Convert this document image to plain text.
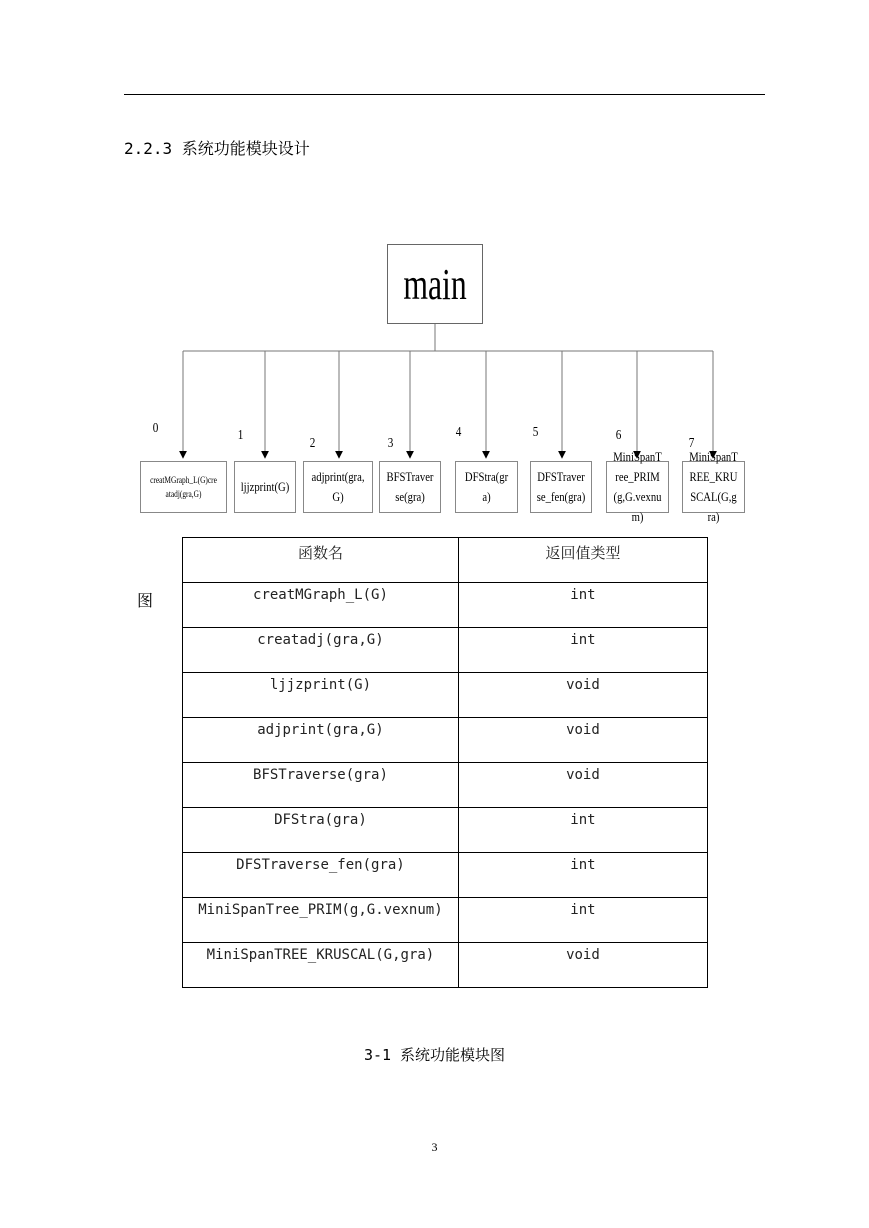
2.2.3 系统功能模块设计
main
0	1
2	3
4	5	6
7
creatMGraph_L(G)creatadj(gra,G)	ljjzprint(G)
adjprint(gra,G)
BFSTraverse(gra)
DFStra(gra)
DFSTraverse_fen(gra)
MiniSpanTree_PRIM(g,G.vexnum)
MiniSpanTREE_KRUSCAL(G,gra)
图
函数名	返回值类型
creatMGraph_L(G)	int
creatadj(gra,G)	int
ljjzprint(G)	void
adjprint(gra,G)	void
BFSTraverse(gra)	void
DFStra(gra)	int
DFSTraverse_fen(gra)	int
MiniSpanTree_PRIM(g,G.vexnum)	int
MiniSpanTREE_KRUSCAL(G,gra)	void
3-1 系统功能模块图
3
